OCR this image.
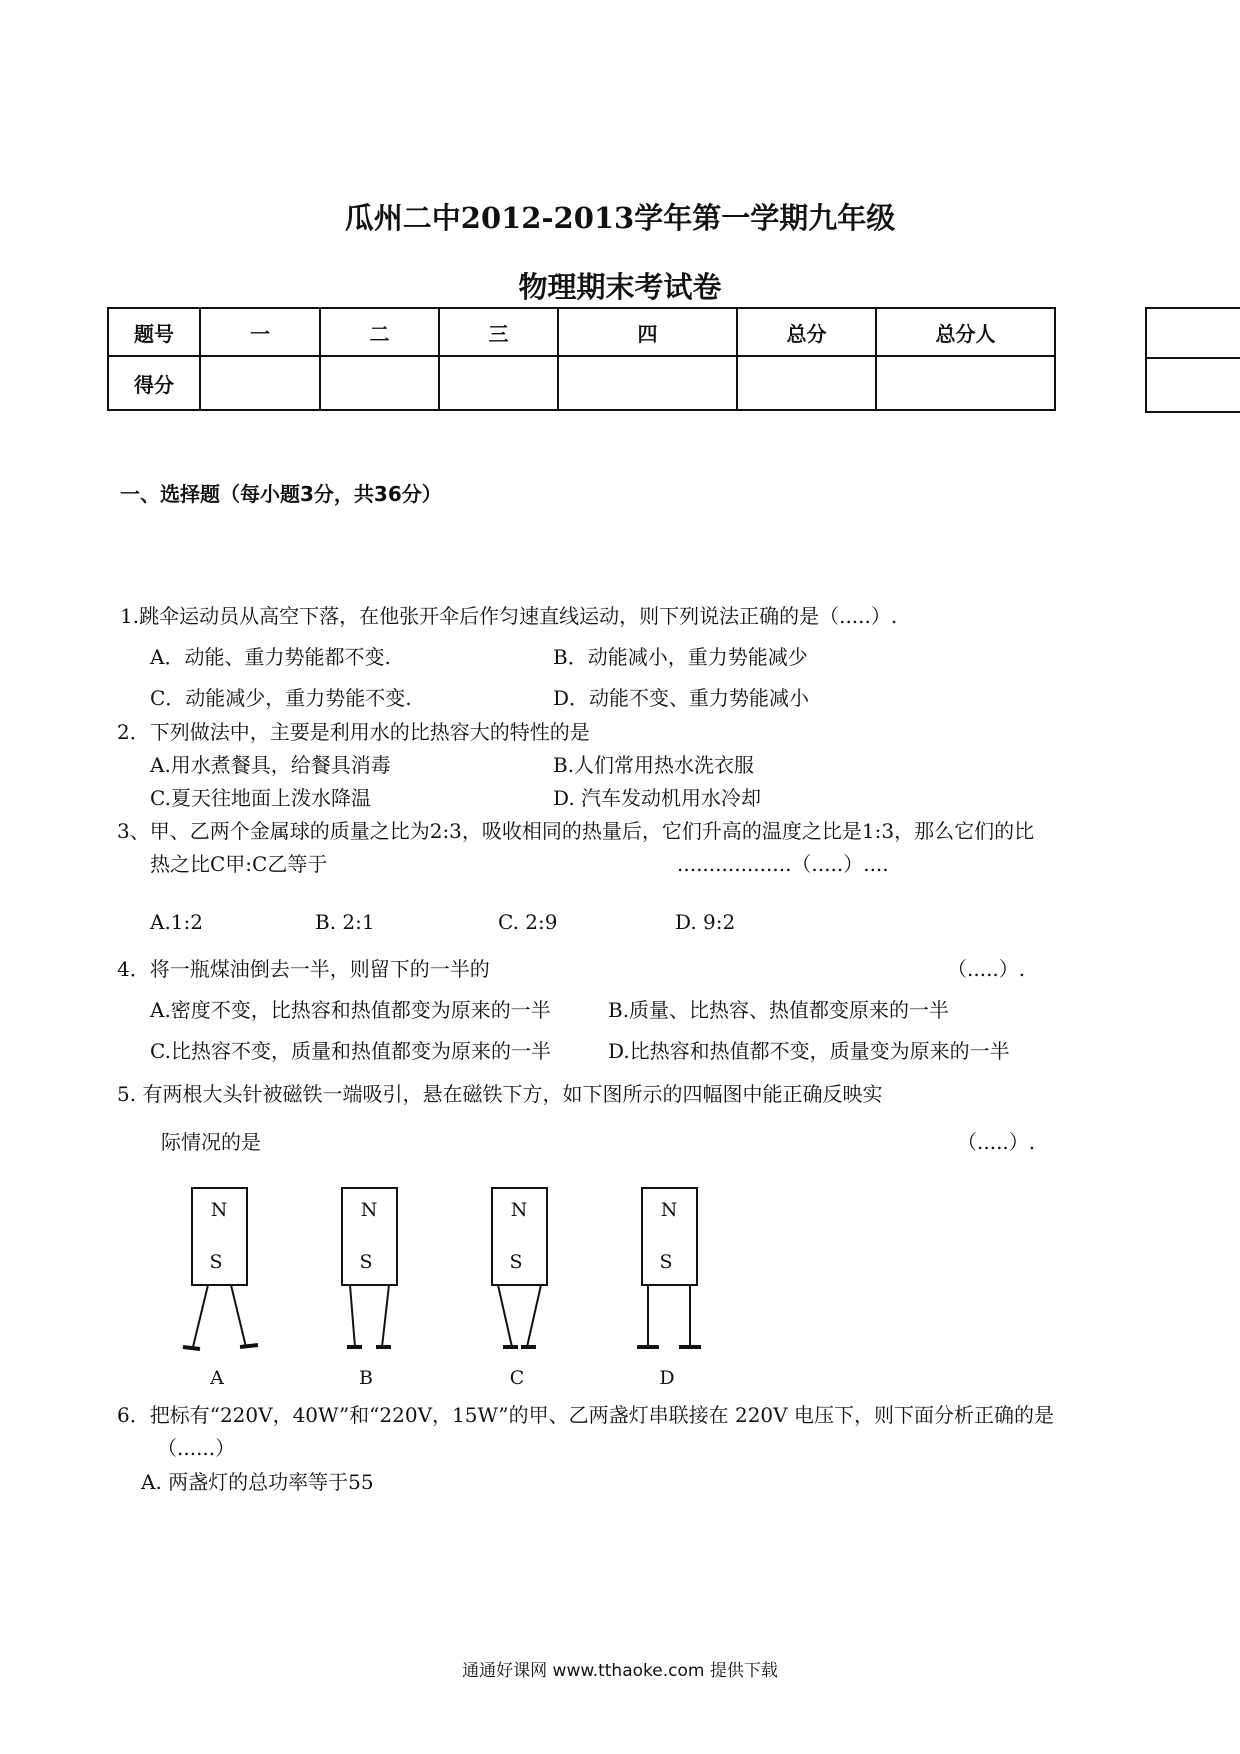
瓜州二中2012-2013学年第一学期九年级
物理期末考试卷
题号	一	二	三	四	总分	总分人
得分						
一、选择题（每小题3分，共36分）
1.跳伞运动员从高空下落，在他张开伞后作匀速直线运动，则下列说法正确的是（.....）.
A．动能、重力势能都不变.	B．动能减小，重力势能减少
C．动能减少，重力势能不变.	D．动能不变、重力势能减小
2．下列做法中，主要是利用水的比热容大的特性的是
A.用水煮餐具，给餐具消毒	B.人们常用热水洗衣服
C.夏天往地面上泼水降温	D. 汽车发动机用水冷却
3、甲、乙两个金属球的质量之比为2:3，吸收相同的热量后，它们升高的温度之比是1:3，那么它们的比
热之比C甲:C乙等于	..................（.....）....
A.1:2	B. 2:1	C. 2:9	D. 9:2
4．将一瓶煤油倒去一半，则留下的一半的	（.....）.
A.密度不变，比热容和热值都变为原来的一半	B.质量、比热容、热值都变原来的一半
C.比热容不变，质量和热值都变为原来的一半	D.比热容和热值都不变，质量变为原来的一半
5. 有两根大头针被磁铁一端吸引，悬在磁铁下方，如下图所示的四幅图中能正确反映实
际情况的是	（.....）.
N
S
N
S
N
S
N
S
A	B	C	D
6．把标有“220V，40W”和“220V，15W”的甲、乙两盏灯串联接在 220V 电压下，则下面分析正确的是
（......）
A. 两盏灯的总功率等于55
通通好课网 www.tthaoke.com 提供下载
